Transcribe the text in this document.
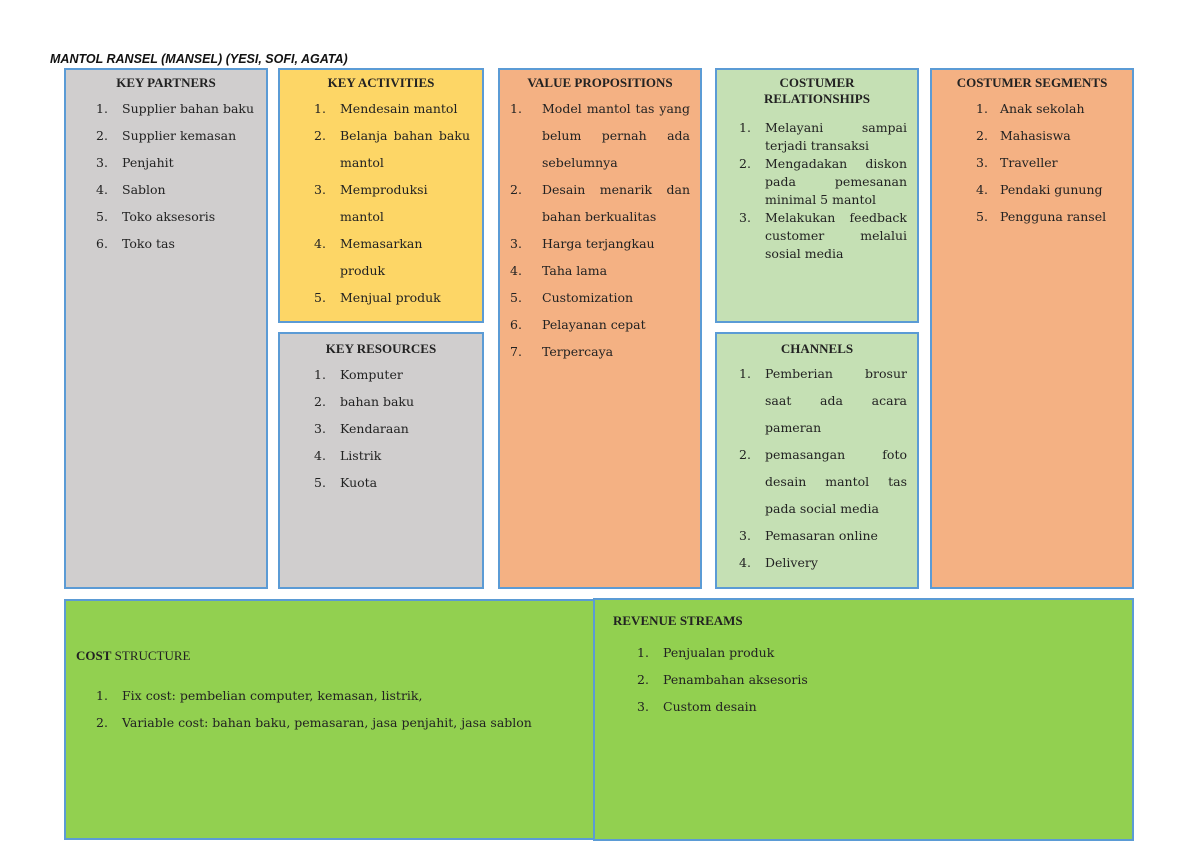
MANTOL RANSEL (MANSEL) (YESI, SOFI, AGATA)
KEY PARTNERS
1. Supplier bahan baku
2. Supplier kemasan
3. Penjahit
4. Sablon
5. Toko aksesoris
6. Toko tas
KEY ACTIVITIES
1. Mendesain mantol
2. Belanja bahan baku mantol
3. Memproduksi mantol
4. Memasarkan produk
5. Menjual produk
KEY RESOURCES
1. Komputer
2. bahan baku
3. Kendaraan
4. Listrik
5. Kuota
VALUE PROPOSITIONS
1. Model mantol tas yang belum pernah ada sebelumnya
2. Desain menarik dan bahan berkualitas
3. Harga terjangkau
4. Taha lama
5. Customization
6. Pelayanan cepat
7. Terpercaya
COSTUMER RELATIONSHIPS
1. Melayani sampai terjadi transaksi
2. Mengadakan diskon pada pemesanan minimal 5 mantol
3. Melakukan feedback customer melalui sosial media
CHANNELS
1. Pemberian brosur saat ada acara pameran
2. pemasangan foto desain mantol tas pada social media
3. Pemasaran online
4. Delivery
COSTUMER SEGMENTS
1. Anak sekolah
2. Mahasiswa
3. Traveller
4. Pendaki gunung
5. Pengguna ransel
COST STRUCTURE
1. Fix cost: pembelian computer, kemasan, listrik,
2. Variable cost: bahan baku, pemasaran, jasa penjahit, jasa sablon
REVENUE STREAMS
1. Penjualan produk
2. Penambahan aksesoris
3. Custom desain
